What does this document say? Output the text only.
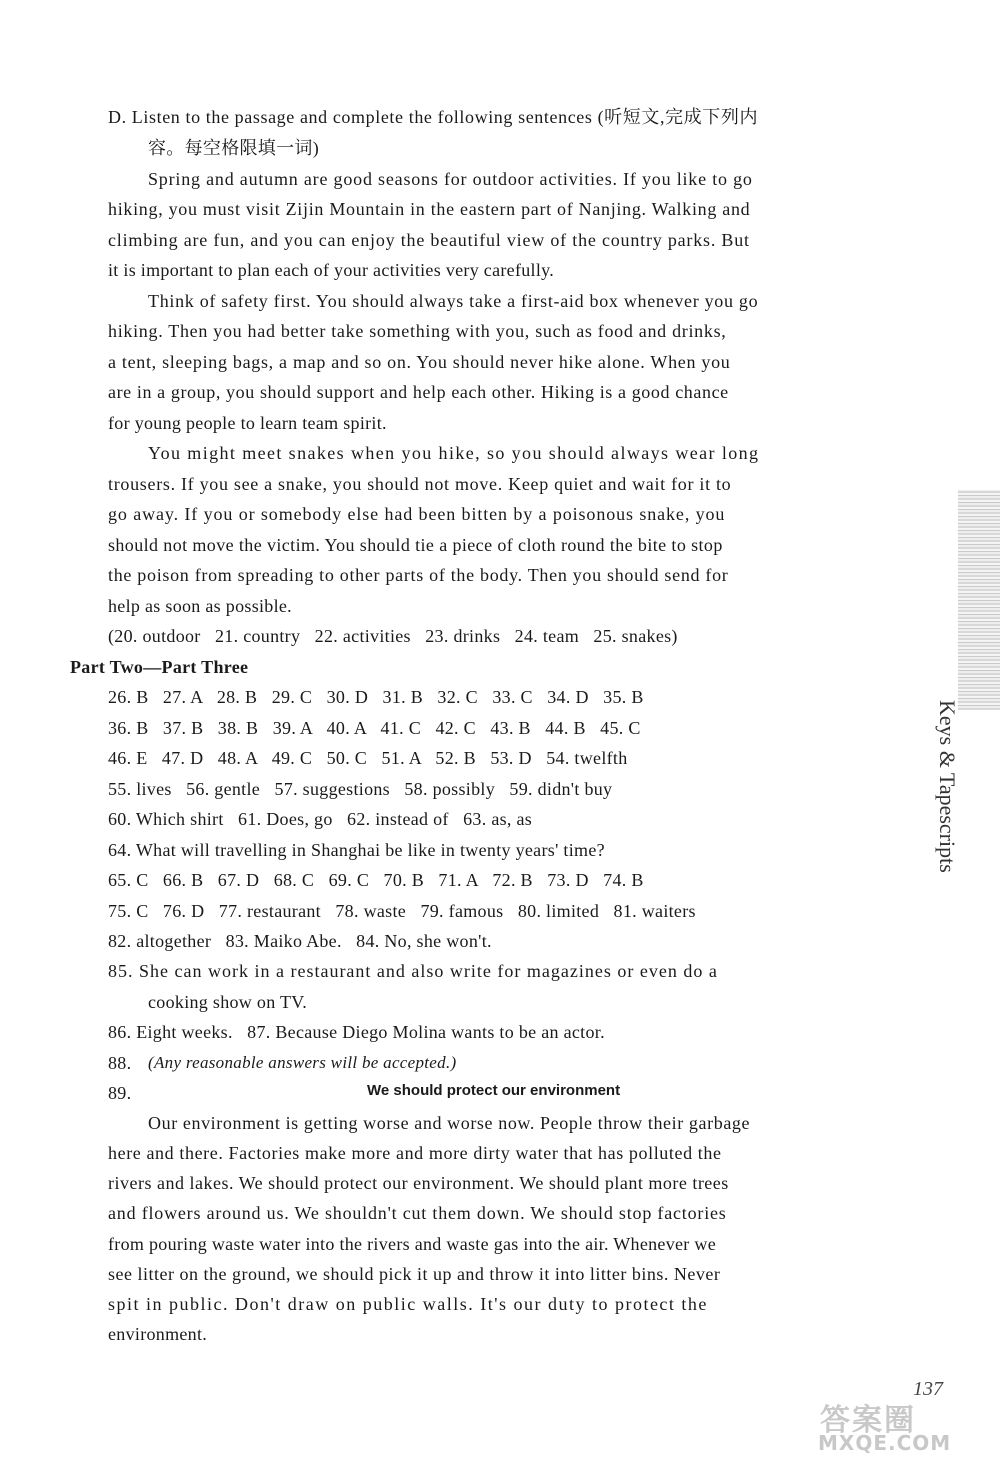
D. Listen to the passage and complete the following sentences (听短文,完成下列内
容。每空格限填一词)
Spring and autumn are good seasons for outdoor activities. If you like to go
hiking, you must visit Zijin Mountain in the eastern part of Nanjing. Walking and
climbing are fun, and you can enjoy the beautiful view of the country parks. But
it is important to plan each of your activities very carefully.
Think of safety first. You should always take a first-aid box whenever you go
hiking. Then you had better take something with you, such as food and drinks,
a tent, sleeping bags, a map and so on. You should never hike alone. When you
are in a group, you should support and help each other. Hiking is a good chance
for young people to learn team spirit.
You might meet snakes when you hike, so you should always wear long
trousers. If you see a snake, you should not move. Keep quiet and wait for it to
go away. If you or somebody else had been bitten by a poisonous snake, you
should not move the victim. You should tie a piece of cloth round the bite to stop
the poison from spreading to other parts of the body. Then you should send for
help as soon as possible.
(20. outdoor   21. country   22. activities   23. drinks   24. team   25. snakes)
Part Two—Part Three
26. B   27. A   28. B   29. C   30. D   31. B   32. C   33. C   34. D   35. B
36. B   37. B   38. B   39. A   40. A   41. C   42. C   43. B   44. B   45. C
46. E   47. D   48. A   49. C   50. C   51. A   52. B   53. D   54. twelfth
55. lives   56. gentle   57. suggestions   58. possibly   59. didn't buy
60. Which shirt   61. Does, go   62. instead of   63. as, as
64. What will travelling in Shanghai be like in twenty years' time?
65. C   66. B   67. D   68. C   69. C   70. B   71. A   72. B   73. D   74. B
75. C   76. D   77. restaurant   78. waste   79. famous   80. limited   81. waiters
82. altogether   83. Maiko Abe.   84. No, she won't.
85. She can work in a restaurant and also write for magazines or even do a
cooking show on TV.
86. Eight weeks.   87. Because Diego Molina wants to be an actor.
88. (Any reasonable answers will be accepted.)
89.	We should protect our environment
Our environment is getting worse and worse now. People throw their garbage
here and there. Factories make more and more dirty water that has polluted the
rivers and lakes. We should protect our environment. We should plant more trees
and flowers around us. We shouldn't cut them down. We should stop factories
from pouring waste water into the rivers and waste gas into the air. Whenever we
see litter on the ground, we should pick it up and throw it into litter bins. Never
spit in public. Don't draw on public walls. It's our duty to protect the
environment.
Keys & Tapescripts
137
答案圈
MXQE.COM
